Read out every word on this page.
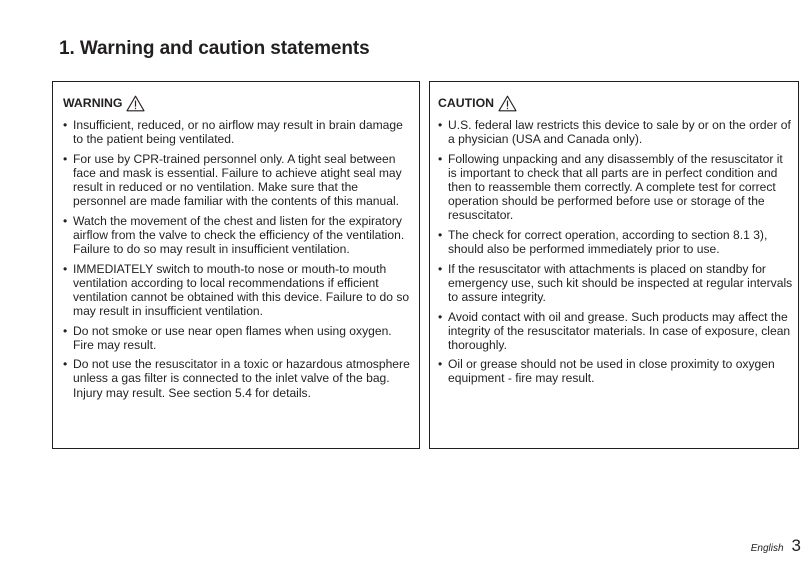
1. Warning and caution statements
WARNING
• Insufficient, reduced, or no airflow may result in brain damage to the patient being ventilated.
• For use by CPR-trained personnel only. A tight seal between face and mask is essential. Failure to achieve atight seal may result in reduced or no ventilation. Make sure that the personnel are made familiar with the contents of this manual.
• Watch the movement of the chest and listen for the expiratory airflow from the valve to check the efficiency of the ventilation. Failure to do so may result in insufficient ventilation.
• IMMEDIATELY switch to mouth-to nose or mouth-to mouth ventilation according to local recommendations if efficient ventilation cannot be obtained with this device. Failure to do so may result in insufficient ventilation.
• Do not smoke or use near open flames when using oxygen. Fire may result.
• Do not use the resuscitator in a toxic or hazardous atmosphere unless a gas filter is connected to the inlet valve of the bag. Injury may result. See section 5.4 for details.
CAUTION
• U.S. federal law restricts this device to sale by or on the order of a physician (USA and Canada only).
• Following unpacking and any disassembly of the resuscitator it is important to check that all parts are in perfect condition and then to reassemble them correctly. A complete test for correct operation should be performed before use or storage of the resuscitator.
• The check for correct operation, according to section 8.1 3), should also be performed immediately prior to use.
• If the resuscitator with attachments is placed on standby for emergency use, such kit should be inspected at regular intervals to assure integrity.
• Avoid contact with oil and grease. Such products may affect the integrity of the resuscitator materials. In case of exposure, clean thoroughly.
• Oil or grease should not be used in close proximity to oxygen equipment - fire may result.
English 3
